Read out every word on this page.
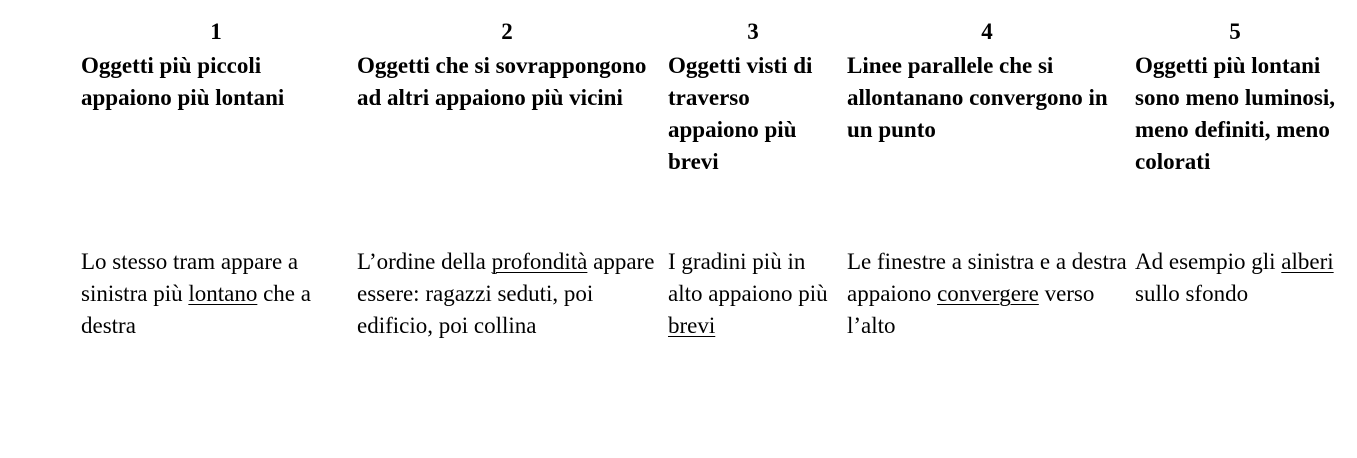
1
Oggetti più piccoli appaiono più lontani
Lo stesso tram appare a sinistra più lontano che a destra
2
Oggetti che si sovrappongono ad altri appaiono più vicini
L’ordine della profondità appare essere: ragazzi seduti, poi edificio, poi collina
3
Oggetti visti di traverso appaiono più brevi
I gradini più in alto appaiono più brevi
4
Linee parallele che si allontanano convergono in un punto
Le finestre a sinistra e a destra appaiono convergere verso l’alto
5
Oggetti più lontani sono meno luminosi, meno definiti, meno colorati
Ad esempio gli alberi sullo sfondo
